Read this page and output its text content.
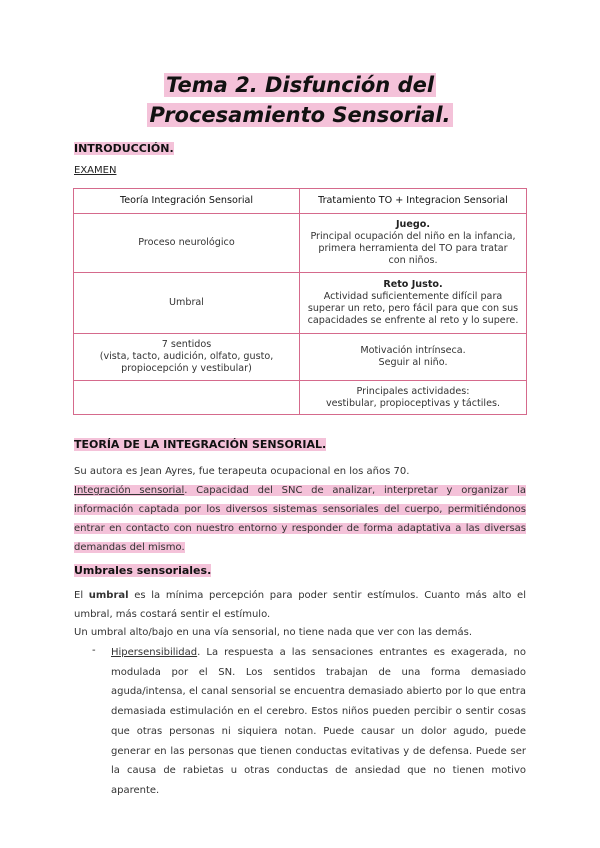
Tema 2. Disfunción del
Procesamiento Sensorial.
INTRODUCCIÓN.
EXAMEN
Teoría Integración Sensorial	Tratamiento TO + Integracion Sensorial
Proceso neurológico	Juego.
Principal ocupación del niño en la infancia,
primera herramienta del TO para tratar
con niños.
Umbral	Reto Justo.
Actividad suficientemente difícil para
superar un reto, pero fácil para que con sus
capacidades se enfrente al reto y lo supere.
7 sentidos
(vista, tacto, audición, olfato, gusto,
propiocepción y vestibular)	Motivación intrínseca.
Seguir al niño.
	Principales actividades:
vestibular, propioceptivas y táctiles.
TEORÍA DE LA INTEGRACIÓN SENSORIAL.
Su autora es Jean Ayres, fue terapeuta ocupacional en los años 70.
Integración sensorial. Capacidad del SNC de analizar, interpretar y organizar la información captada por los diversos sistemas sensoriales del cuerpo, permitiéndonos entrar en contacto con nuestro entorno y responder de forma adaptativa a las diversas demandas del mismo.
Umbrales sensoriales.
El umbral es la mínima percepción para poder sentir estímulos. Cuanto más alto el umbral, más costará sentir el estímulo.
Un umbral alto/bajo en una vía sensorial, no tiene nada que ver con las demás.
- Hipersensibilidad. La respuesta a las sensaciones entrantes es exagerada, no modulada por el SN. Los sentidos trabajan de una forma demasiado aguda/intensa, el canal sensorial se encuentra demasiado abierto por lo que entra demasiada estimulación en el cerebro. Estos niños pueden percibir o sentir cosas que otras personas ni siquiera notan. Puede causar un dolor agudo, puede generar en las personas que tienen conductas evitativas y de defensa. Puede ser la causa de rabietas u otras conductas de ansiedad que no tienen motivo aparente.
